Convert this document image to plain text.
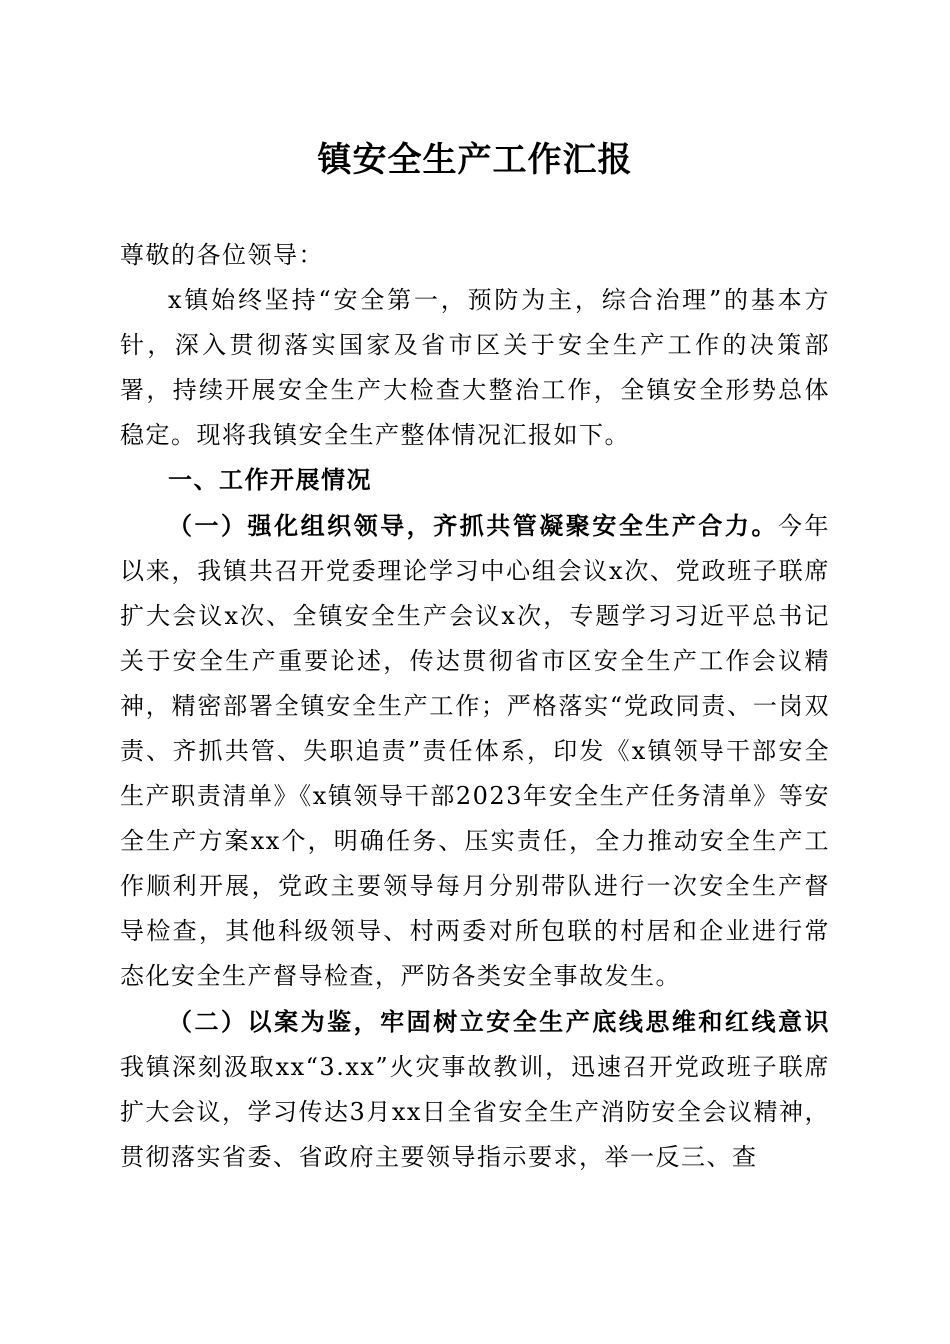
镇安全生产工作汇报

尊敬的各位领导：

x镇始终坚持“安全第一，预防为主，综合治理”的基本方针，深入贯彻落实国家及省市区关于安全生产工作的决策部署，持续开展安全生产大检查大整治工作，全镇安全形势总体稳定。现将我镇安全生产整体情况汇报如下。

一、工作开展情况

（一）强化组织领导，齐抓共管凝聚安全生产合力。今年以来，我镇共召开党委理论学习中心组会议x次、党政班子联席扩大会议x次、全镇安全生产会议x次，专题学习习近平总书记关于安全生产重要论述，传达贯彻省市区安全生产工作会议精神，精密部署全镇安全生产工作；严格落实“党政同责、一岗双责、齐抓共管、失职追责”责任体系，印发《x镇领导干部安全生产职责清单》《x镇领导干部2023年安全生产任务清单》等安全生产方案xx个，明确任务、压实责任，全力推动安全生产工作顺利开展，党政主要领导每月分别带队进行一次安全生产督导检查，其他科级领导、村两委对所包联的村居和企业进行常态化安全生产督导检查，严防各类安全事故发生。

（二）以案为鉴，牢固树立安全生产底线思维和红线意识我镇深刻汲取xx“3.xx”火灾事故教训，迅速召开党政班子联席扩大会议，学习传达3月xx日全省安全生产消防安全会议精神，贯彻落实省委、省政府主要领导指示要求，举一反三、查
